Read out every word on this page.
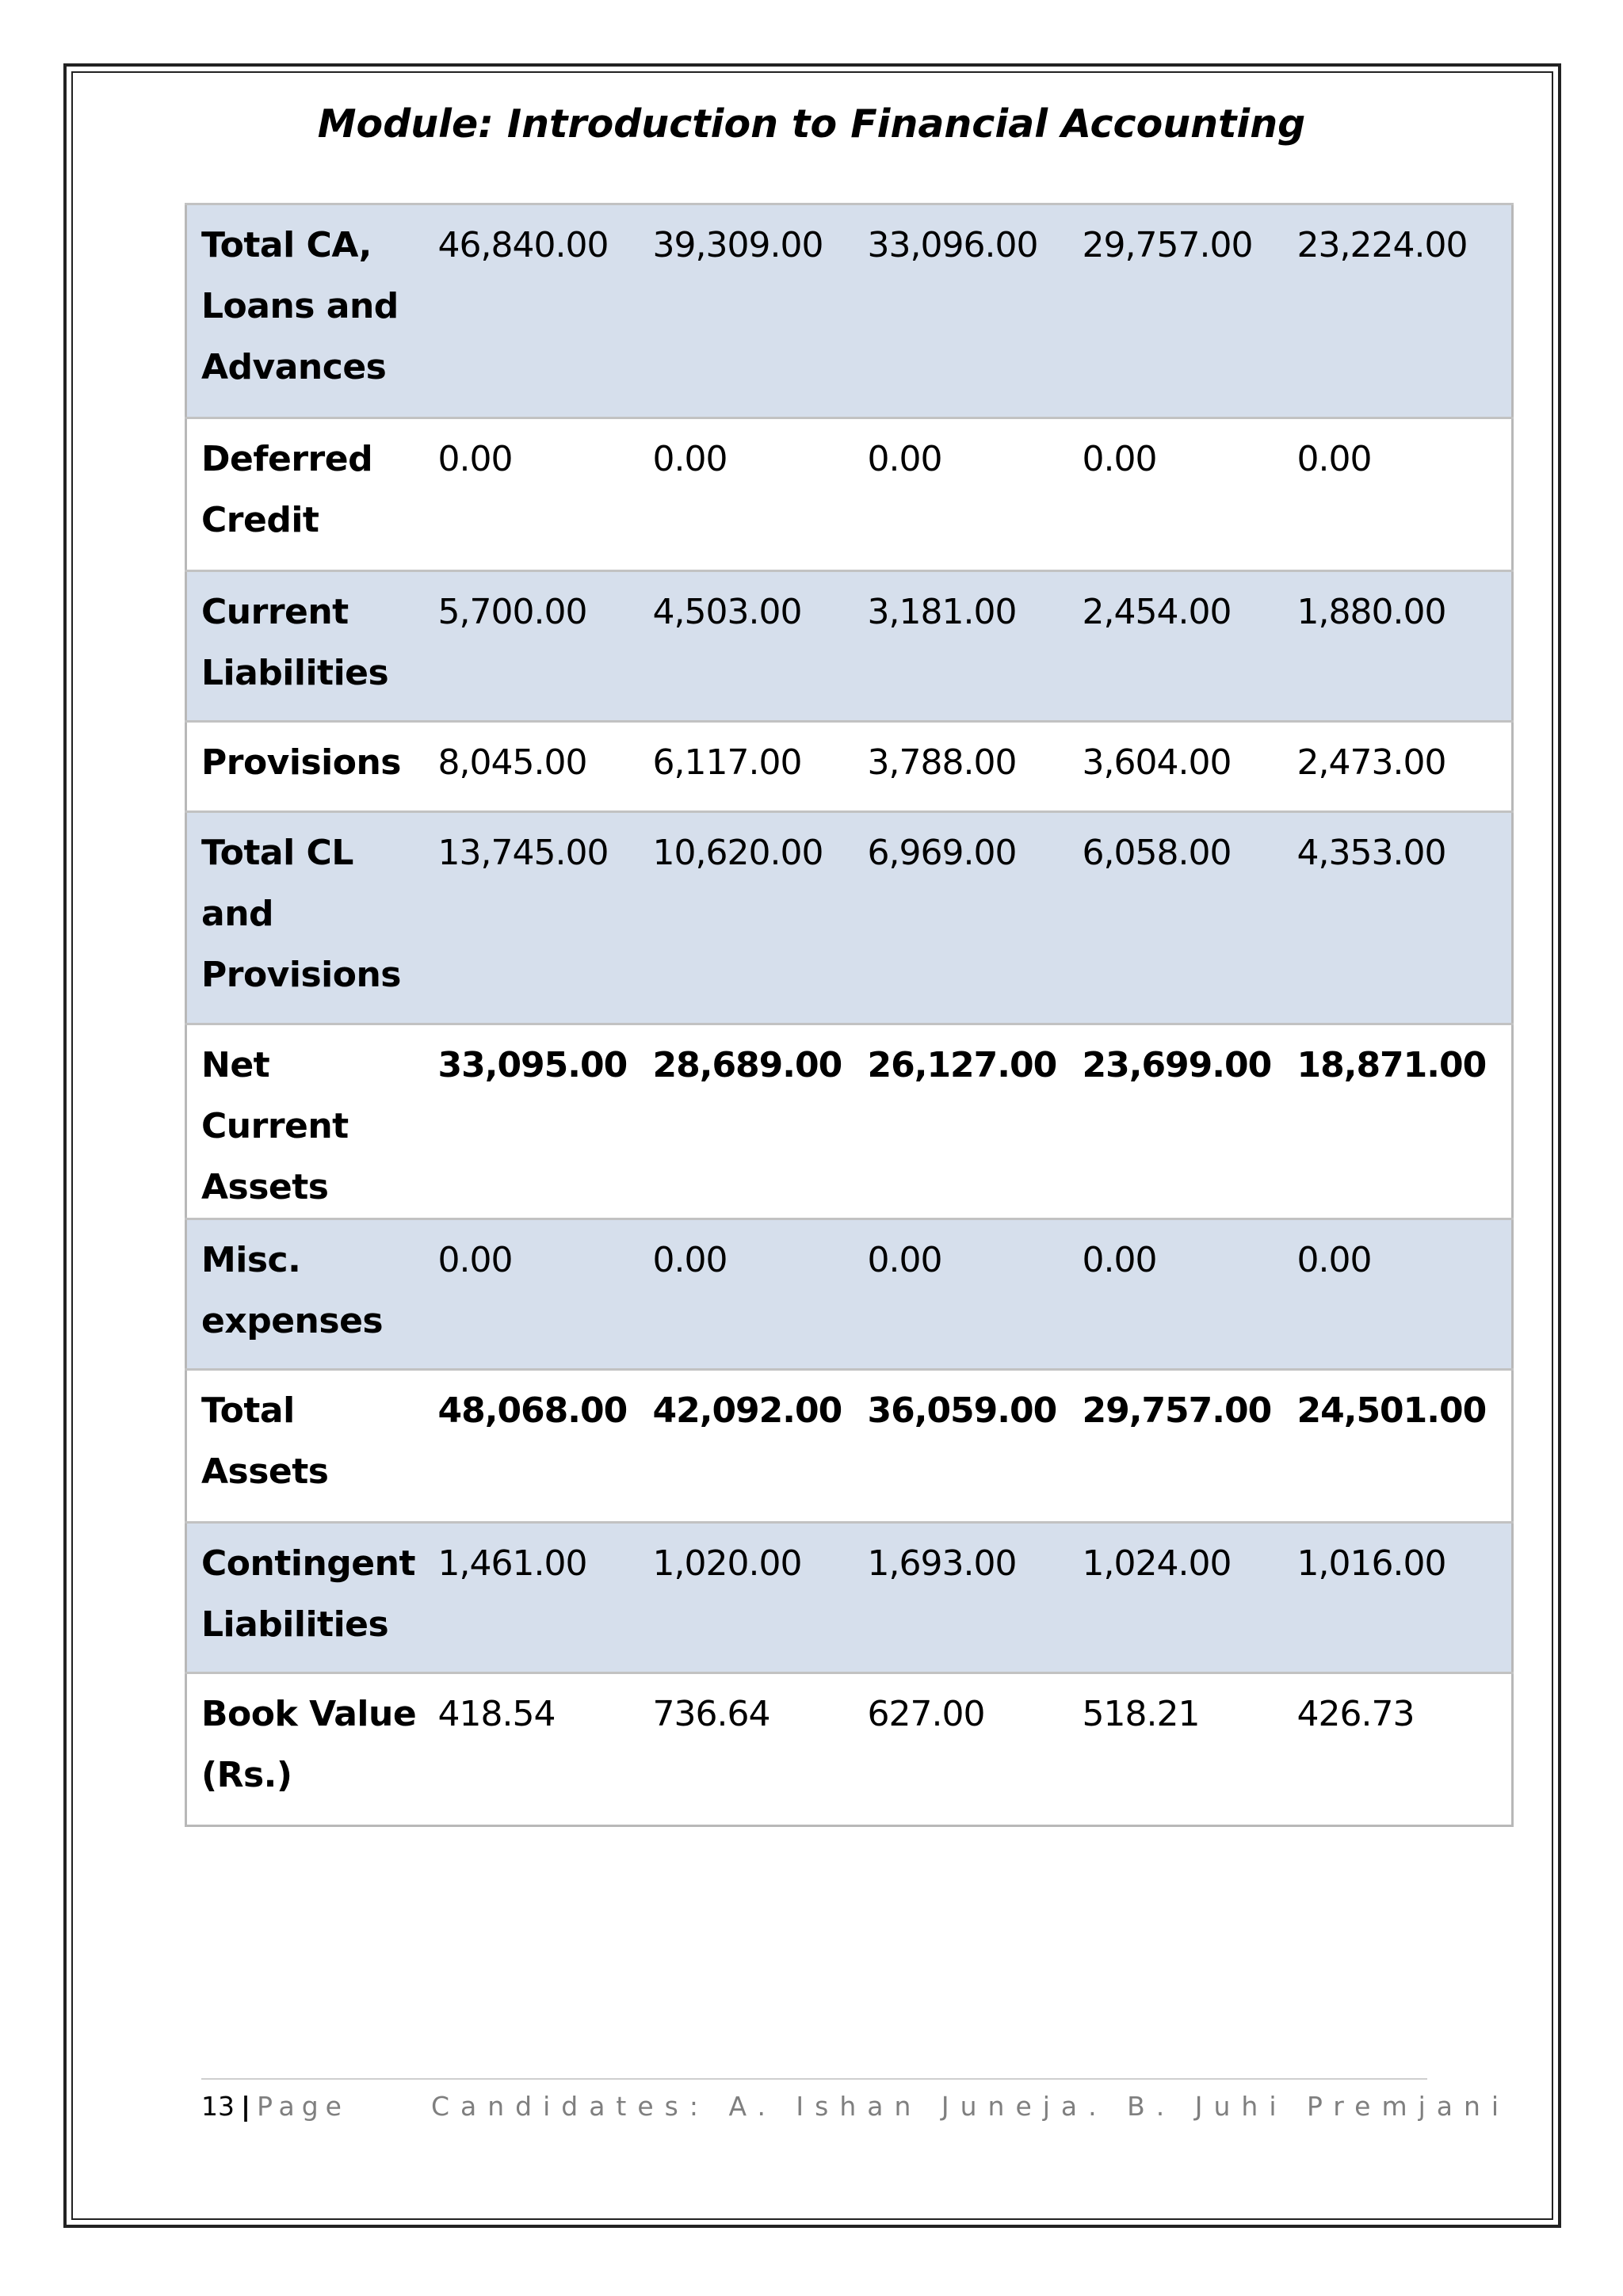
Module: Introduction to Financial Accounting
Total CA, Loans and Advances	46,840.00	39,309.00	33,096.00	29,757.00	23,224.00
Deferred Credit	0.00	0.00	0.00	0.00	0.00
Current Liabilities	5,700.00	4,503.00	3,181.00	2,454.00	1,880.00
Provisions	8,045.00	6,117.00	3,788.00	3,604.00	2,473.00
Total CL and Provisions	13,745.00	10,620.00	6,969.00	6,058.00	4,353.00
Net Current Assets	33,095.00	28,689.00	26,127.00	23,699.00	18,871.00
Misc. expenses	0.00	0.00	0.00	0.00	0.00
Total Assets	48,068.00	42,092.00	36,059.00	29,757.00	24,501.00
Contingent Liabilities	1,461.00	1,020.00	1,693.00	1,024.00	1,016.00
Book Value (Rs.)	418.54	736.64	627.00	518.21	426.73
13 | Page	Candidates: A. Ishan Juneja. B. Juhi Premjani
